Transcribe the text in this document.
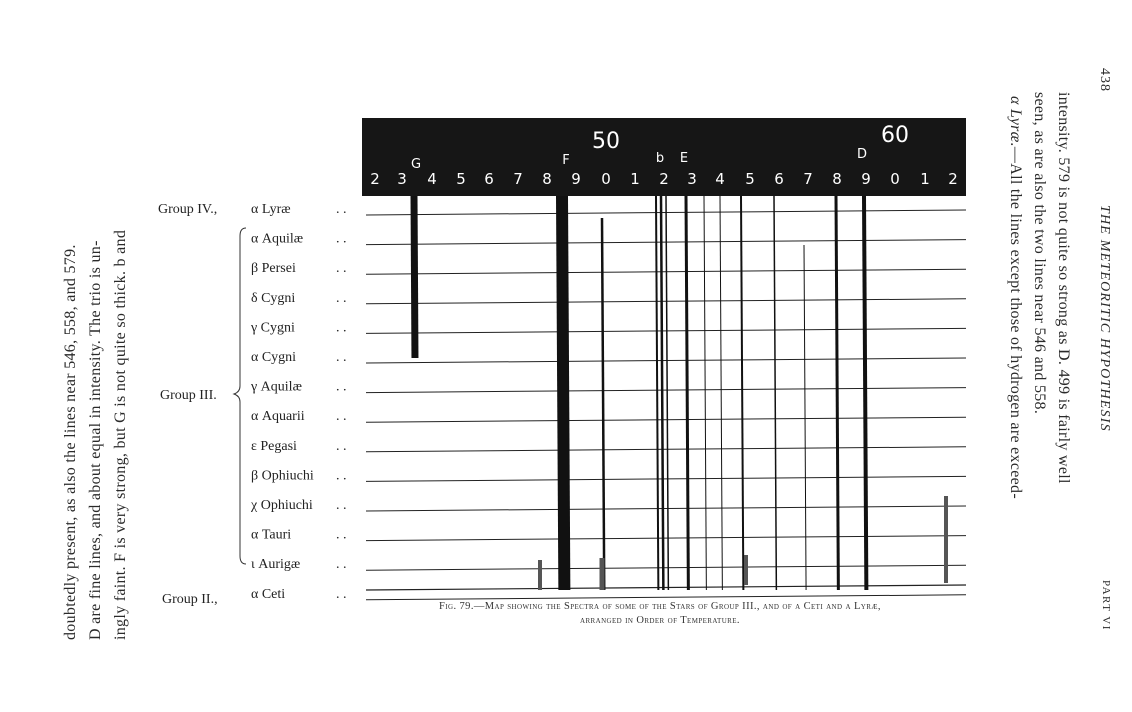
438
THE METEORITIC HYPOTHESIS
PART VI
intensity. 579 is not quite so strong as D. 499 is fairly well
seen, as are also the two lines near 546 and 558.
α Lyræ.—All the lines except those of hydrogen are exceed-
ingly faint. F is very strong, but G is not quite so thick. b and
D are fine lines, and about equal in intensity. The trio is un-
doubtedly present, as also the lines near 546, 558, and 579.
2 3 4 5 6 7 8 9 0 1 2 3 4 5 6 7 8 9 0 1 2
50	60
G	F	b E	D
α Lyræ	. .
α Aquilæ . .
β Persei	. .
δ Cygni	. .
γ Cygni	. .
α Cygni	. .
γ Aquilæ . .
α Aquarii . .
ε Pegasi	. .
β Ophiuchi . .
χ Ophiuchi . .
α Tauri	. .
ι Aurigæ	. .
α Ceti	. .
Group IV.,
Group III.
Group II.,	Fig. 79.—Map showing the Spectra of some of the Stars of Group III., and of α Ceti and α Lyræ,
arranged in Order of Temperature.
